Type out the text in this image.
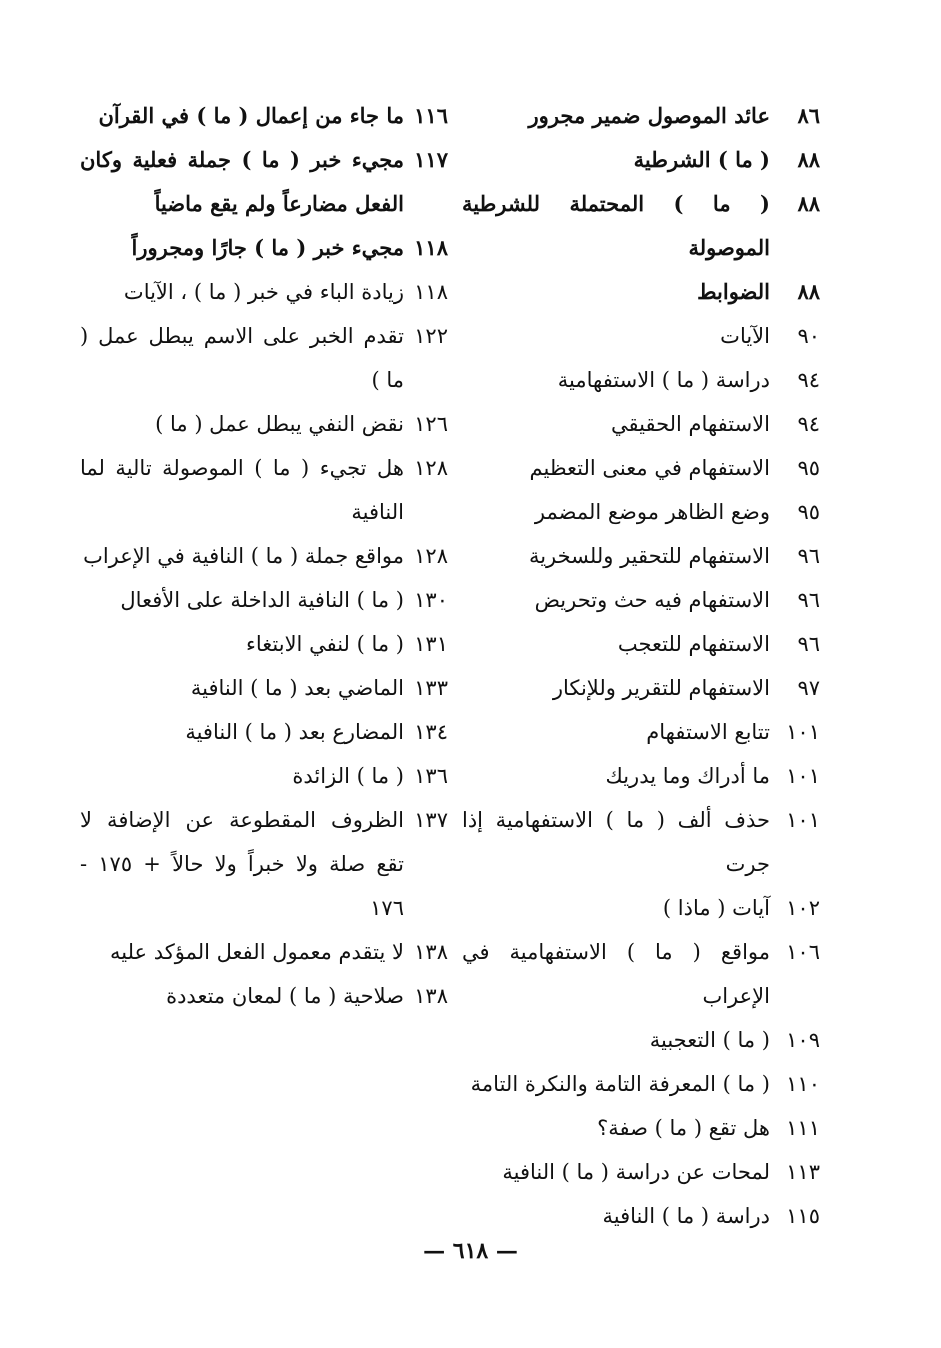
٨٦
عائد الموصول ضمير مجرور
٨٨
( ما ) الشرطية
٨٨
( ما ) المحتملة للشرطية الموصولة
٨٨
الضوابط
٩٠
الآيات
٩٤
دراسة ( ما ) الاستفهامية
٩٤
الاستفهام الحقيقي
٩٥
الاستفهام في معنى التعظيم
٩٥
وضع الظاهر موضع المضمر
٩٦
الاستفهام للتحقير وللسخرية
٩٦
الاستفهام فيه حث وتحريض
٩٦
الاستفهام للتعجب
٩٧
الاستفهام للتقرير وللإنكار
١٠١
تتابع الاستفهام
١٠١
ما أدراك وما يدريك
١٠١
حذف ألف ( ما ) الاستفهامية إذا جرت
١٠٢
آيات ( ماذا )
١٠٦
مواقع ( ما ) الاستفهامية في الإعراب
١٠٩
( ما ) التعجبية
١١٠
( ما ) المعرفة التامة والنكرة التامة
١١١
هل تقع ( ما ) صفة؟
١١٣
لمحات عن دراسة ( ما ) النافية
١١٥
دراسة ( ما ) النافية
١١٦
ما جاء من إعمال ( ما ) في القرآن
١١٧
مجيء خبر ( ما ) جملة فعلية وكان الفعل مضارعاً ولم يقع ماضياً
١١٨
مجيء خبر ( ما ) جارًا ومجروراً
١١٨
زيادة الباء في خبر ( ما ) ، الآيات
١٢٢
تقدم الخبر على الاسم يبطل عمل ( ما )
١٢٦
نقض النفي يبطل عمل ( ما )
١٢٨
هل تجيء ( ما ) الموصولة تالية لما النافية
١٢٨
مواقع جملة ( ما ) النافية في الإعراب
١٣٠
( ما ) النافية الداخلة على الأفعال
١٣١
( ما ) لنفي الابتغاء
١٣٣
الماضي بعد ( ما ) النافية
١٣٤
المضارع بعد ( ما ) النافية
١٣٦
( ما ) الزائدة
١٣٧
الظروف المقطوعة عن الإضافة لا تقع صلة ولا خبراً ولا حالاً + ١٧٥ - ١٧٦
١٣٨
لا يتقدم معمول الفعل المؤكد عليه
١٣٨
صلاحية ( ما ) لمعان متعددة
— ٦١٨ —
